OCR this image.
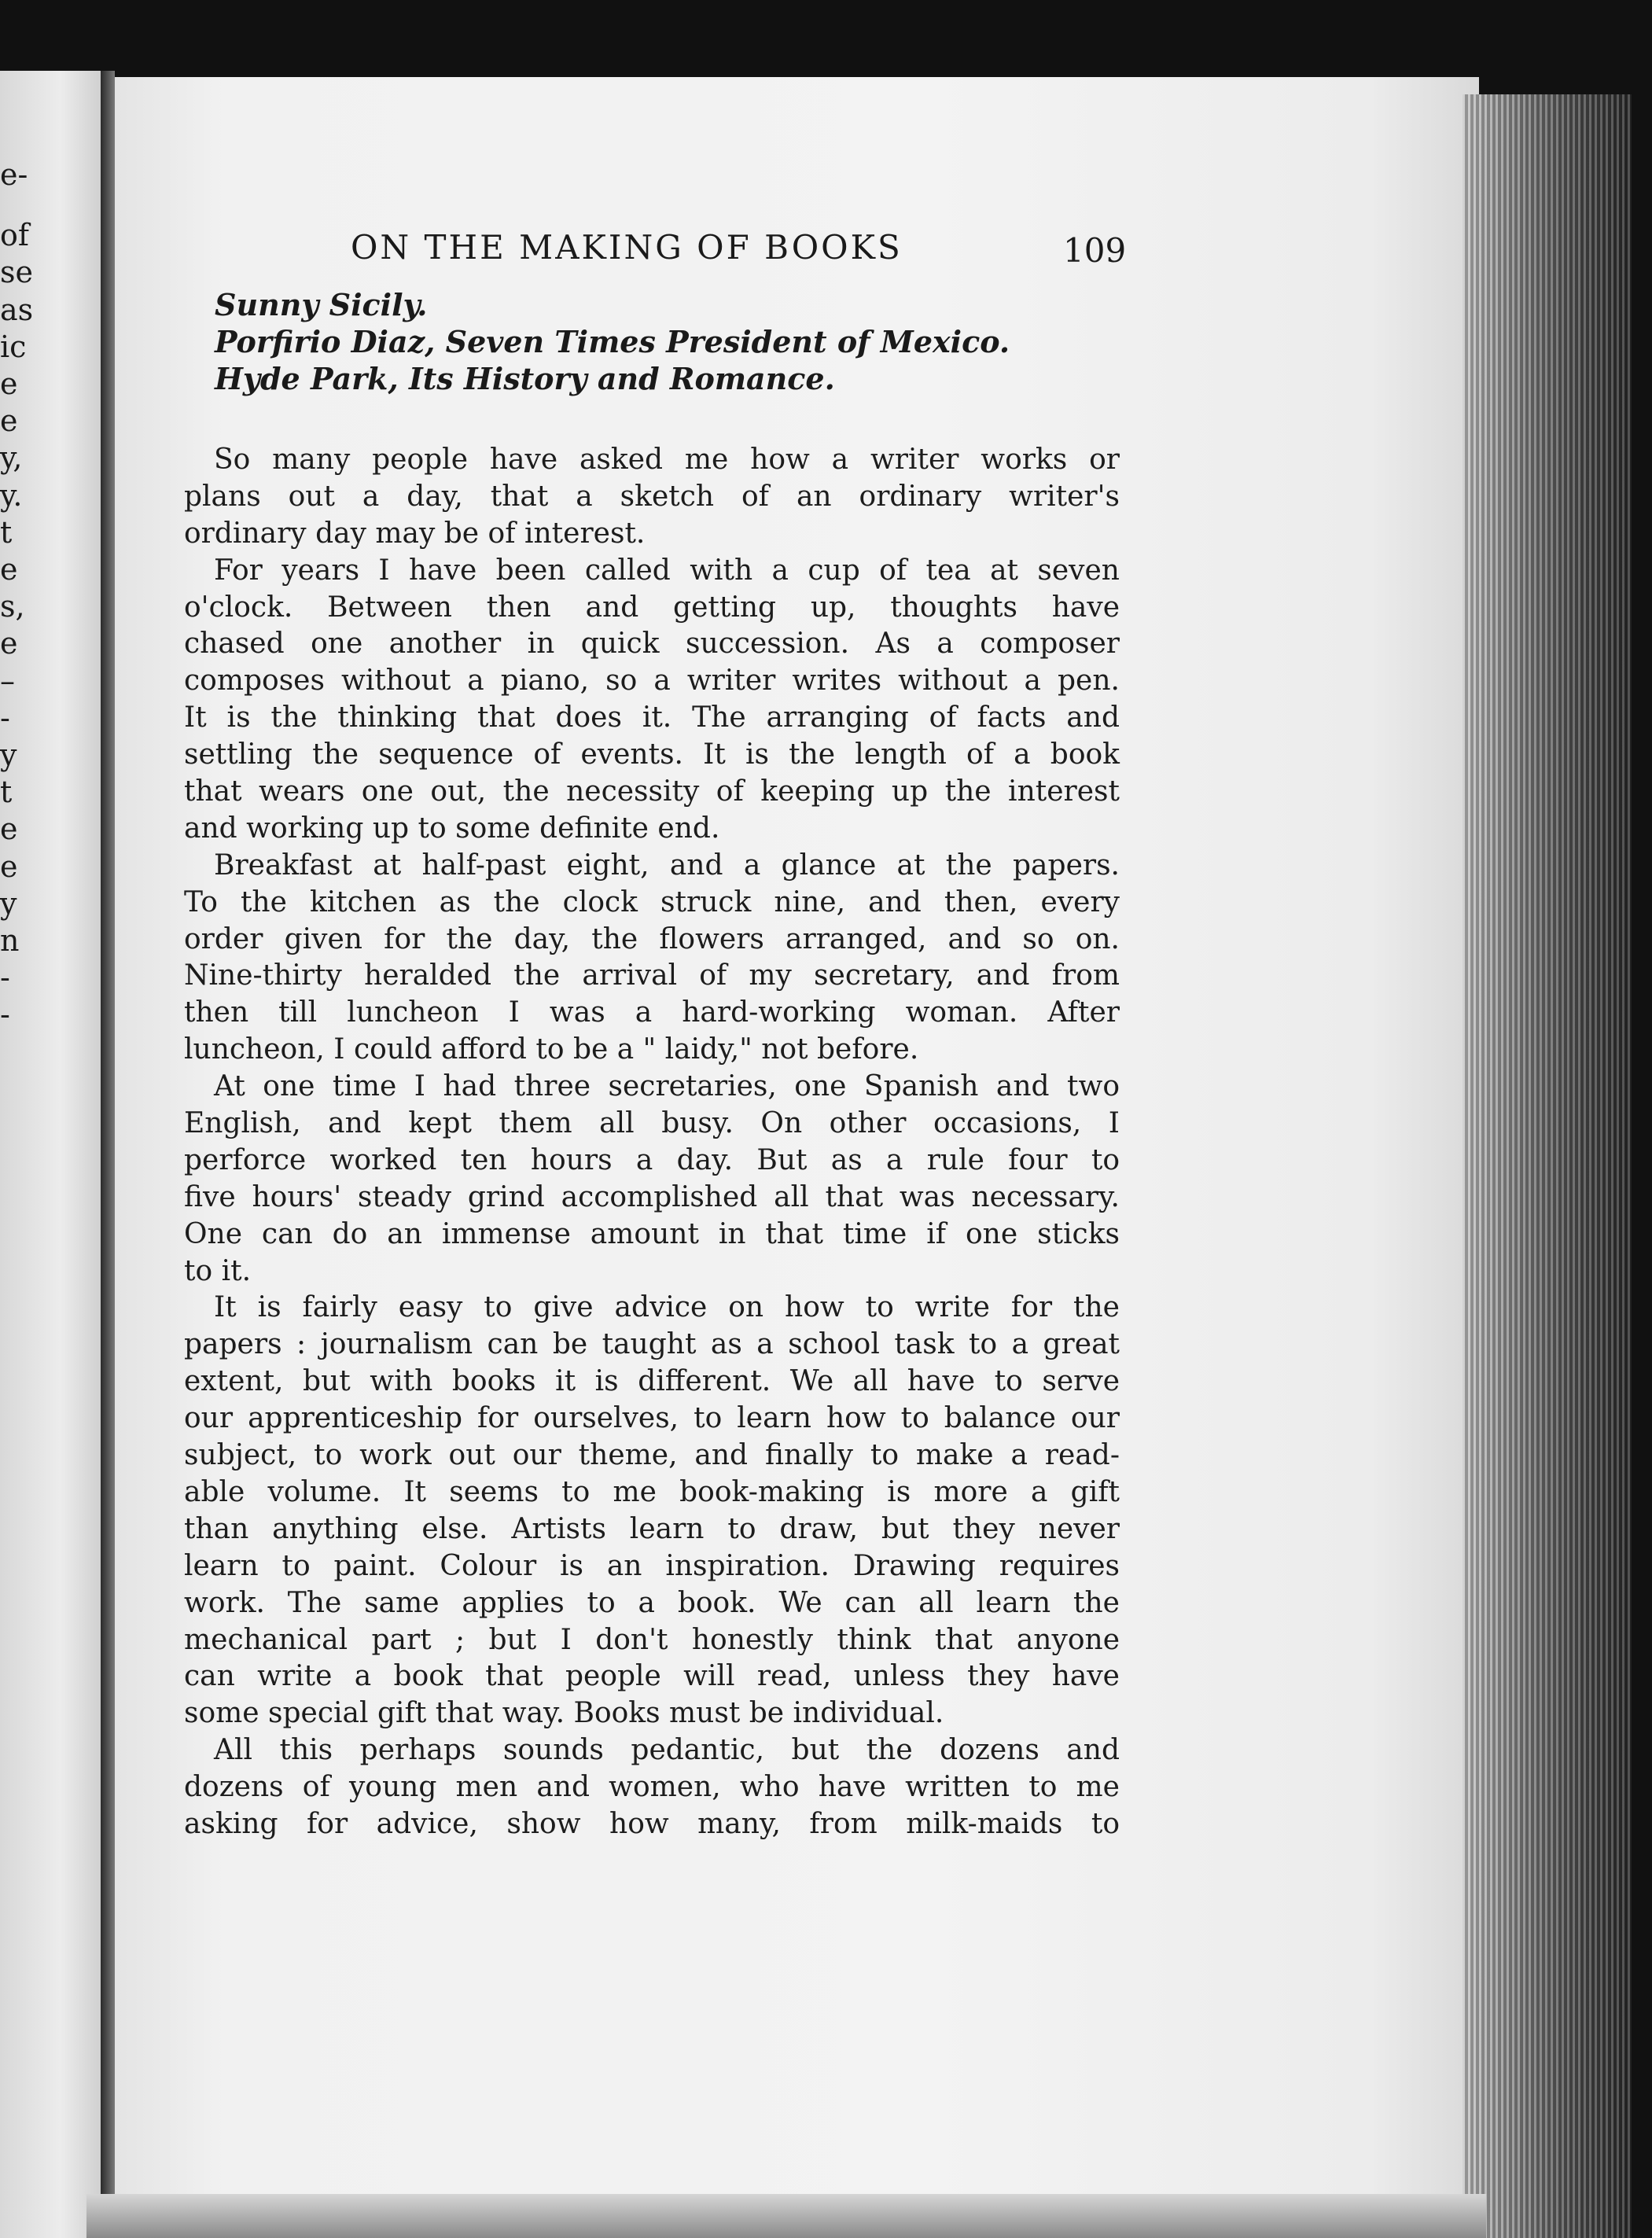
e-
of
se
as
ic
e
e
y,
y.
t
e
s,
e
–
-
y
t
e
e
y
n
-
-
ON THE MAKING OF BOOKS	109
Sunny Sicily.
Porfirio Diaz, Seven Times President of Mexico.
Hyde Park, Its History and Romance.
So many people have asked me how a writer works or
plans out a day, that a sketch of an ordinary writer's
ordinary day may be of interest.
For years I have been called with a cup of tea at seven
o'clock. Between then and getting up, thoughts have
chased one another in quick succession. As a composer
composes without a piano, so a writer writes without a pen.
It is the thinking that does it. The arranging of facts and
settling the sequence of events. It is the length of a book
that wears one out, the necessity of keeping up the interest
and working up to some definite end.
Breakfast at half-past eight, and a glance at the papers.
To the kitchen as the clock struck nine, and then, every
order given for the day, the flowers arranged, and so on.
Nine-thirty heralded the arrival of my secretary, and from
then till luncheon I was a hard-working woman. After
luncheon, I could afford to be a " laidy," not before.
At one time I had three secretaries, one Spanish and two
English, and kept them all busy. On other occasions, I
perforce worked ten hours a day. But as a rule four to
five hours' steady grind accomplished all that was necessary.
One can do an immense amount in that time if one sticks
to it.
It is fairly easy to give advice on how to write for the
papers : journalism can be taught as a school task to a great
extent, but with books it is different. We all have to serve
our apprenticeship for ourselves, to learn how to balance our
subject, to work out our theme, and finally to make a read-
able volume. It seems to me book-making is more a gift
than anything else. Artists learn to draw, but they never
learn to paint. Colour is an inspiration. Drawing requires
work. The same applies to a book. We can all learn the
mechanical part ; but I don't honestly think that anyone
can write a book that people will read, unless they have
some special gift that way. Books must be individual.
All this perhaps sounds pedantic, but the dozens and
dozens of young men and women, who have written to me
asking for advice, show how many, from milk-maids to
